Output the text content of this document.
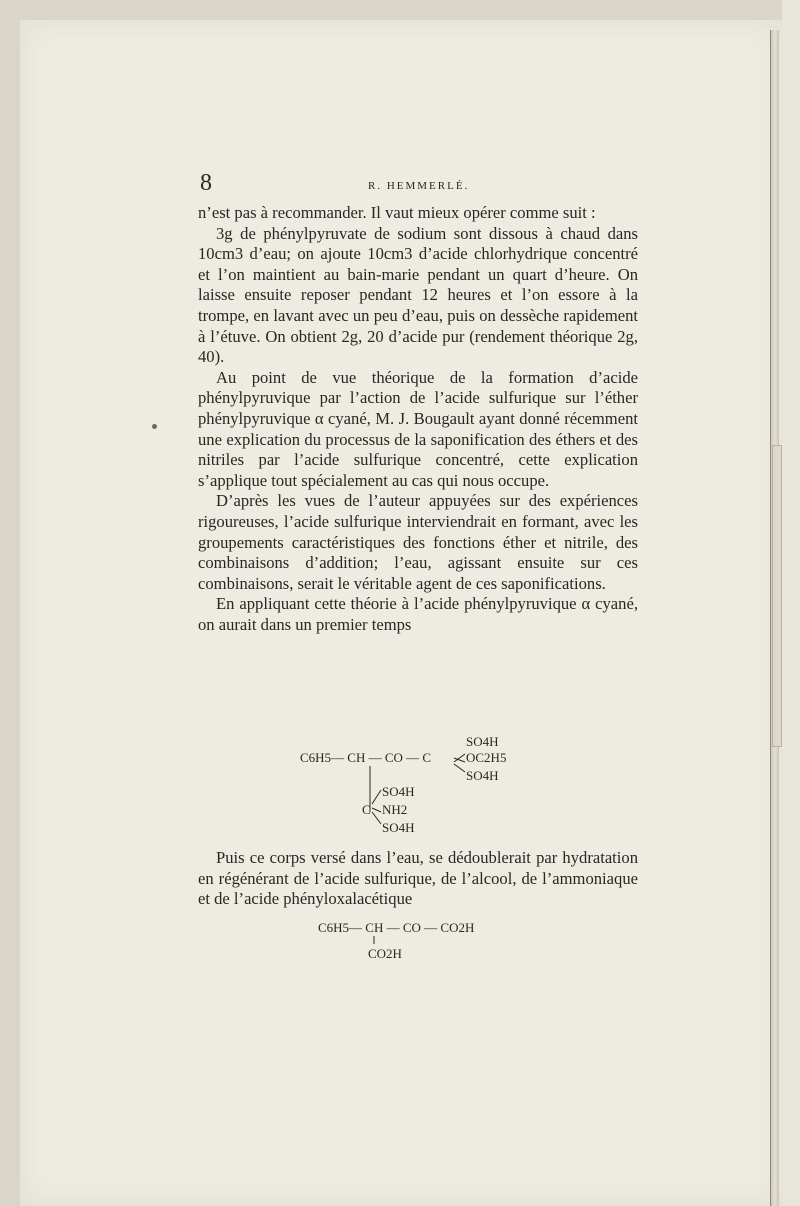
8	R. HEMMERLÉ.

n’est pas à recommander. Il vaut mieux opérer comme suit :

3g de phénylpyruvate de sodium sont dissous à chaud dans 10cm3 d’eau; on ajoute 10cm3 d’acide chlorhydrique concentré et l’on maintient au bain-marie pendant un quart d’heure. On laisse ensuite reposer pendant 12 heures et l’on essore à la trompe, en lavant avec un peu d’eau, puis on dessèche rapidement à l’étuve. On obtient 2g, 20 d’acide pur (rendement théorique 2g, 40).

Au point de vue théorique de la formation d’acide phénylpyruvique par l’action de l’acide sulfurique sur l’éther phénylpyruvique α cyané, M. J. Bougault ayant donné récemment une explication du processus de la saponification des éthers et des nitriles par l’acide sulfurique concentré, cette explication s’applique tout spécialement au cas qui nous occupe.

D’après les vues de l’auteur appuyées sur des expériences rigoureuses, l’acide sulfurique interviendrait en formant, avec les groupements caractéristiques des fonctions éther et nitrile, des combinaisons d’addition; l’eau, agissant ensuite sur ces combinaisons, serait le véritable agent de ces saponifications.

En appliquant cette théorie à l’acide phénylpyruvique α cyané, on aurait dans un premier temps

C6H5— CH — CO — C
SO4H
OC2H5
SO4H
SO4H
C NH2
SO4H

Puis ce corps versé dans l’eau, se dédoublerait par hydratation en régénérant de l’acide sulfurique, de l’alcool, de l’ammoniaque et de l’acide phényloxalacétique

C6H5— CH — CO — CO2H
CO2H
